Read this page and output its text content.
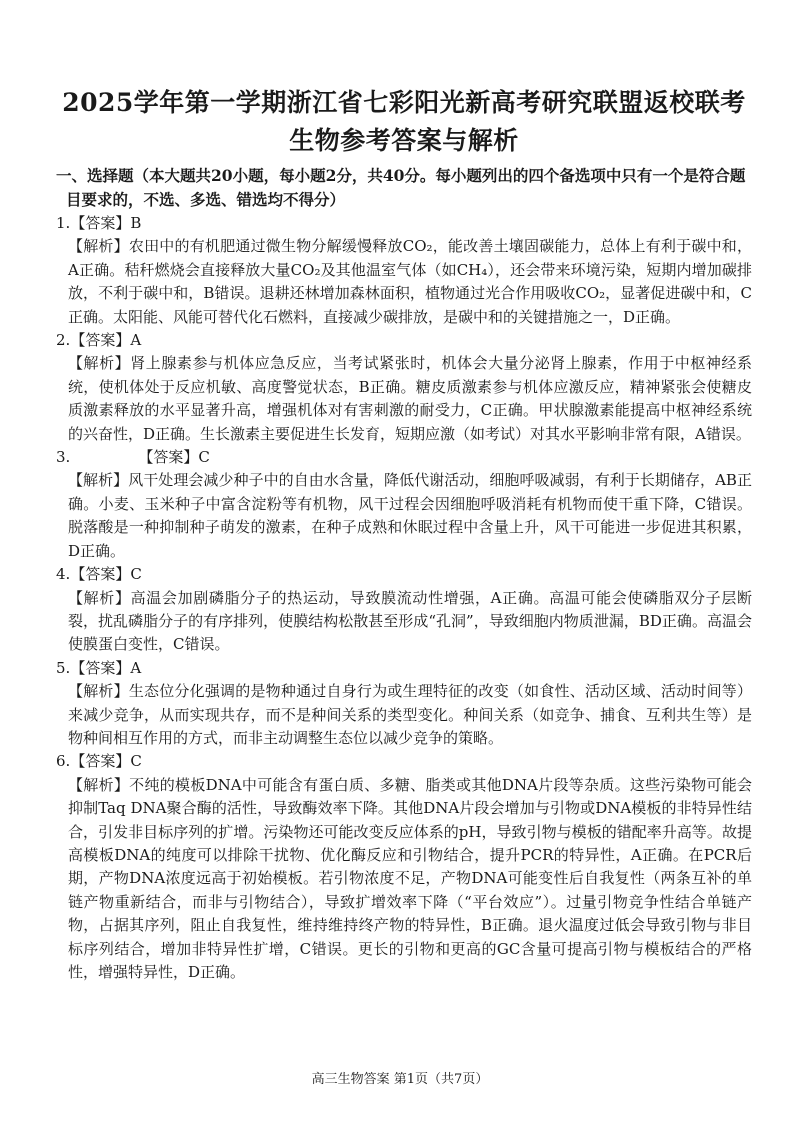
2025学年第一学期浙江省七彩阳光新高考研究联盟返校联考
生物参考答案与解析

一、选择题（本大题共20小题，每小题2分，共40分。每小题列出的四个备选项中只有一个是符合题目要求的，不选、多选、错选均不得分）

1.【答案】B
【解析】农田中的有机肥通过微生物分解缓慢释放CO₂，能改善土壤固碳能力，总体上有利于碳中和，A正确。秸秆燃烧会直接释放大量CO₂及其他温室气体（如CH₄），还会带来环境污染，短期内增加碳排放，不利于碳中和，B错误。退耕还林增加森林面积，植物通过光合作用吸收CO₂，显著促进碳中和，C正确。太阳能、风能可替代化石燃料，直接减少碳排放，是碳中和的关键措施之一，D正确。
2.【答案】A
【解析】肾上腺素参与机体应急反应，当考试紧张时，机体会大量分泌肾上腺素，作用于中枢神经系统，使机体处于反应机敏、高度警觉状态，B正确。糖皮质激素参与机体应激反应，精神紧张会使糖皮质激素释放的水平显著升高，增强机体对有害刺激的耐受力，C正确。甲状腺激素能提高中枢神经系统的兴奋性，D正确。生长激素主要促进生长发育，短期应激（如考试）对其水平影响非常有限，A错误。
3.	【答案】C
【解析】风干处理会减少种子中的自由水含量，降低代谢活动，细胞呼吸减弱，有利于长期储存，AB正确。小麦、玉米种子中富含淀粉等有机物，风干过程会因细胞呼吸消耗有机物而使干重下降，C错误。脱落酸是一种抑制种子萌发的激素，在种子成熟和休眠过程中含量上升，风干可能进一步促进其积累，D正确。
4.【答案】C
【解析】高温会加剧磷脂分子的热运动，导致膜流动性增强，A正确。高温可能会使磷脂双分子层断裂，扰乱磷脂分子的有序排列，使膜结构松散甚至形成“孔洞”，导致细胞内物质泄漏，BD正确。高温会使膜蛋白变性，C错误。
5.【答案】A
【解析】生态位分化强调的是物种通过自身行为或生理特征的改变（如食性、活动区域、活动时间等）来减少竞争，从而实现共存，而不是种间关系的类型变化。种间关系（如竞争、捕食、互利共生等）是物种间相互作用的方式，而非主动调整生态位以减少竞争的策略。
6.【答案】C
【解析】不纯的模板DNA中可能含有蛋白质、多糖、脂类或其他DNA片段等杂质。这些污染物可能会抑制Taq DNA聚合酶的活性，导致酶效率下降。其他DNA片段会增加与引物或DNA模板的非特异性结合，引发非目标序列的扩增。污染物还可能改变反应体系的pH，导致引物与模板的错配率升高等。故提高模板DNA的纯度可以排除干扰物、优化酶反应和引物结合，提升PCR的特异性，A正确。在PCR后期，产物DNA浓度远高于初始模板。若引物浓度不足，产物DNA可能变性后自我复性（两条互补的单链产物重新结合，而非与引物结合），导致扩增效率下降（“平台效应”）。过量引物竞争性结合单链产物，占据其序列，阻止自我复性，维持维持终产物的特异性，B正确。退火温度过低会导致引物与非目标序列结合，增加非特异性扩增，C错误。更长的引物和更高的GC含量可提高引物与模板结合的严格性，增强特异性，D正确。
高三生物答案 第1页（共7页）
